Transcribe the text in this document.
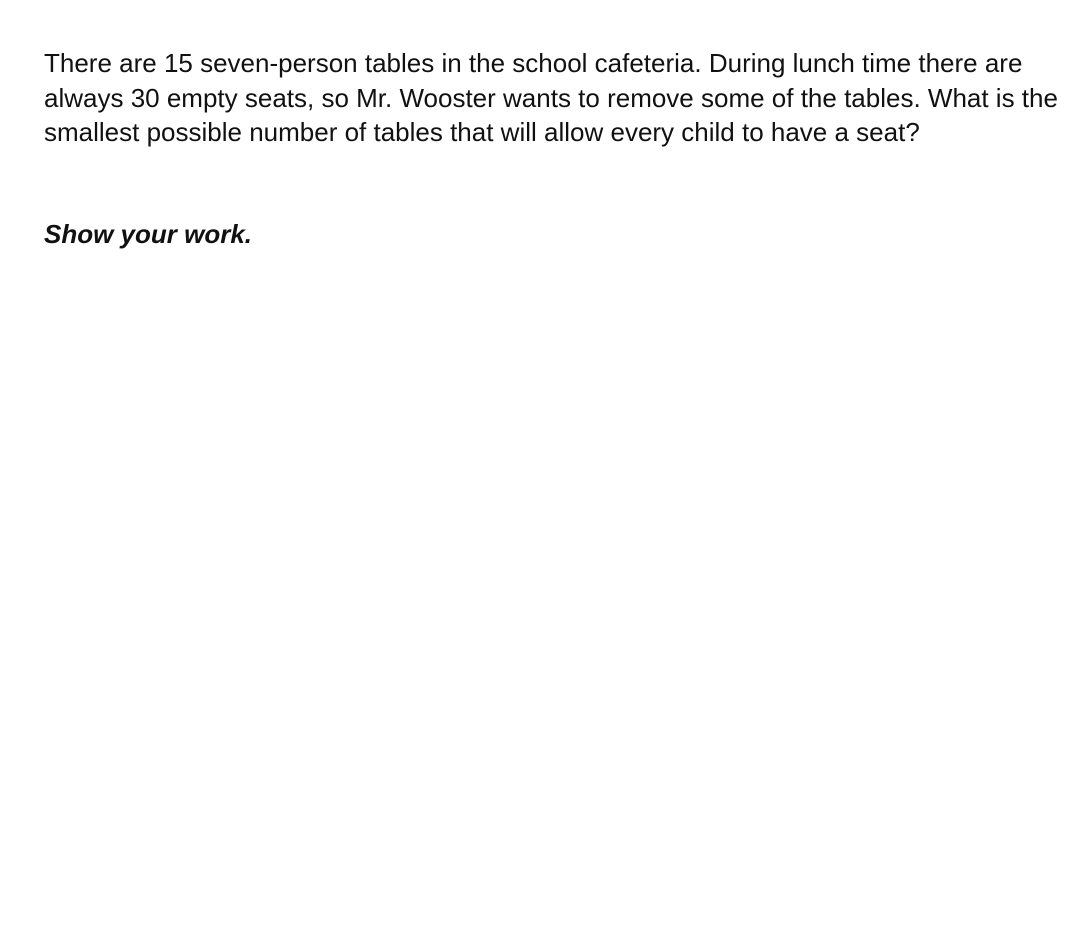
There are 15 seven-person tables in the school cafeteria. During lunch time there are always 30 empty seats, so Mr. Wooster wants to remove some of the tables. What is the smallest possible number of tables that will allow every child to have a seat?

Show your work.
